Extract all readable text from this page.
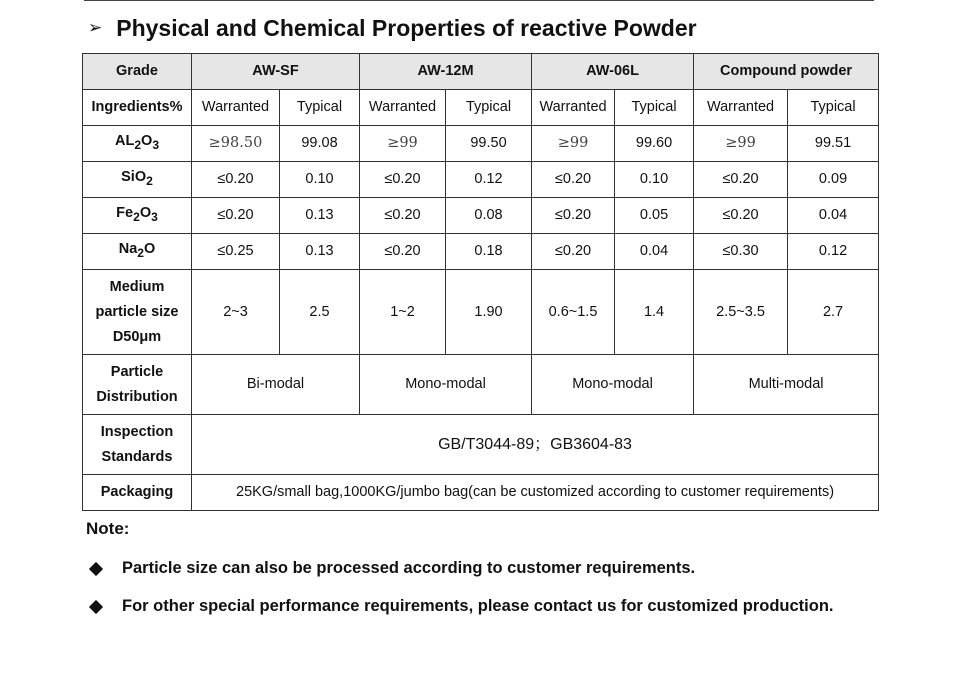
➢ Physical and Chemical Properties of reactive Powder
Grade	AW-SF		AW-12M		AW-06L		Compound powder	
Ingredients%	Warranted	Typical	Warranted	Typical	Warranted	Typical	Warranted	Typical
$AL_2O_3$	≥98.50	99.08	≥99	99.50	≥99	99.60	≥99	99.51
SiO$_2$	≤0.20	0.10	≤0.20	0.12	≤0.20	0.10	≤0.20	0.09
$Fe_2O_3$	≤0.20	0.13	≤0.20	0.08	≤0.20	0.05	≤0.20	0.04
$Na_2O$	≤0.25	0.13	≤0.20	0.18	≤0.20	0.04	≤0.30	0.12

Medium
particle size
D50μm	2~3	2.5	1~2	1.90	0.6~1.5	1.4	2.5~3.5	2.7

Particle
Distribution	Bi-modal		Mono-modal		Mono-modal		Multi-modal	

Inspection
Standards	GB/T3044-89；GB3604-83							
Packaging	25KG/small bag,1000KG/jumbo bag(can be customized according to customer requirements)							
Note:
Particle size can also be processed according to customer requirements.
For other special performance requirements, please contact us for customized production.
